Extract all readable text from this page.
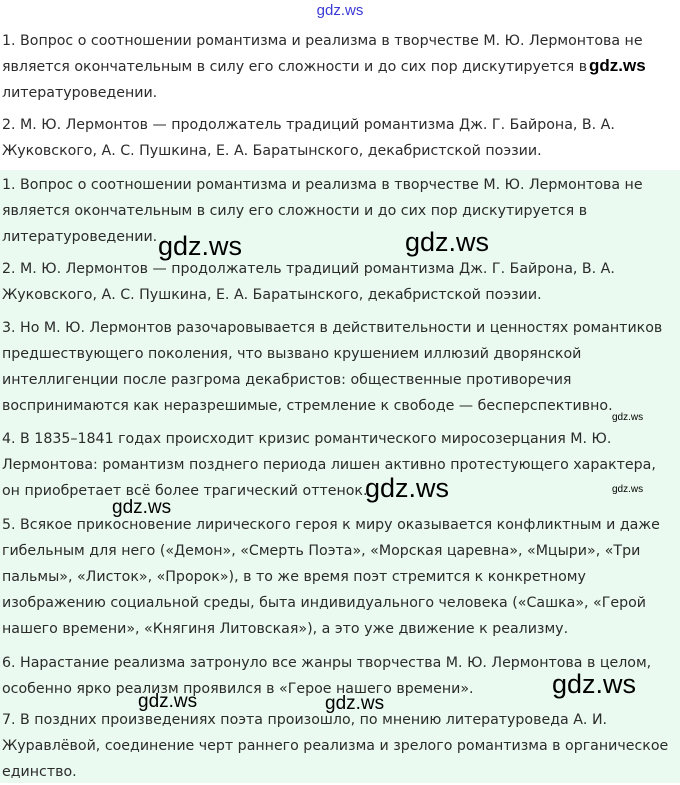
gdz.ws

1. Вопрос о соотношении романтизма и реализма в творчестве М. Ю. Лермонтова не является окончательным в силу его сложности и до сих пор дискутируется в литературоведении.

gdz.ws

2. М. Ю. Лермонтов — продолжатель традиций романтизма Дж. Г. Байрона, В. А. Жуковского, А. С. Пушкина, Е. А. Баратынского, декабристской поэзии.

1. Вопрос о соотношении романтизма и реализма в творчестве М. Ю. Лермонтова не является окончательным в силу его сложности и до сих пор дискутируется в литературоведении.

2. М. Ю. Лермонтов — продолжатель традиций романтизма Дж. Г. Байрона, В. А. Жуковского, А. С. Пушкина, Е. А. Баратынского, декабристской поэзии.

3. Но М. Ю. Лермонтов разочаровывается в действительности и ценностях романтиков предшествующего поколения, что вызвано крушением иллюзий дворянской интеллигенции после разгрома декабристов: общественные противоречия воспринимаются как неразрешимые, стремление к свободе — бесперспективно.

4. В 1835–1841 годах происходит кризис романтического миросозерцания М. Ю. Лермонтова: романтизм позднего периода лишен активно протестующего характера, он приобретает всё более трагический оттенок.

5. Всякое прикосновение лирического героя к миру оказывается конфликтным и даже гибельным для него («Демон», «Смерть Поэта», «Морская царевна», «Мцыри», «Три пальмы», «Листок», «Пророк»), в то же время поэт стремится к конкретному изображению социальной среды, быта индивидуального человека («Сашка», «Герой нашего времени», «Княгиня Литовская»), а это уже движение к реализму.

6. Нарастание реализма затронуло все жанры творчества М. Ю. Лермонтова в целом, особенно ярко реализм проявился в «Герое нашего времени».

7. В поздних произведениях поэта произошло, по мнению литературоведа А. И. Журавлёвой, соединение черт раннего реализма и зрелого романтизма в органическое единство.

gdz.ws	gdz.ws
gdz.ws
gdz.ws	gdz.ws
gdz.ws
gdz.ws
gdz.ws	gdz.ws
